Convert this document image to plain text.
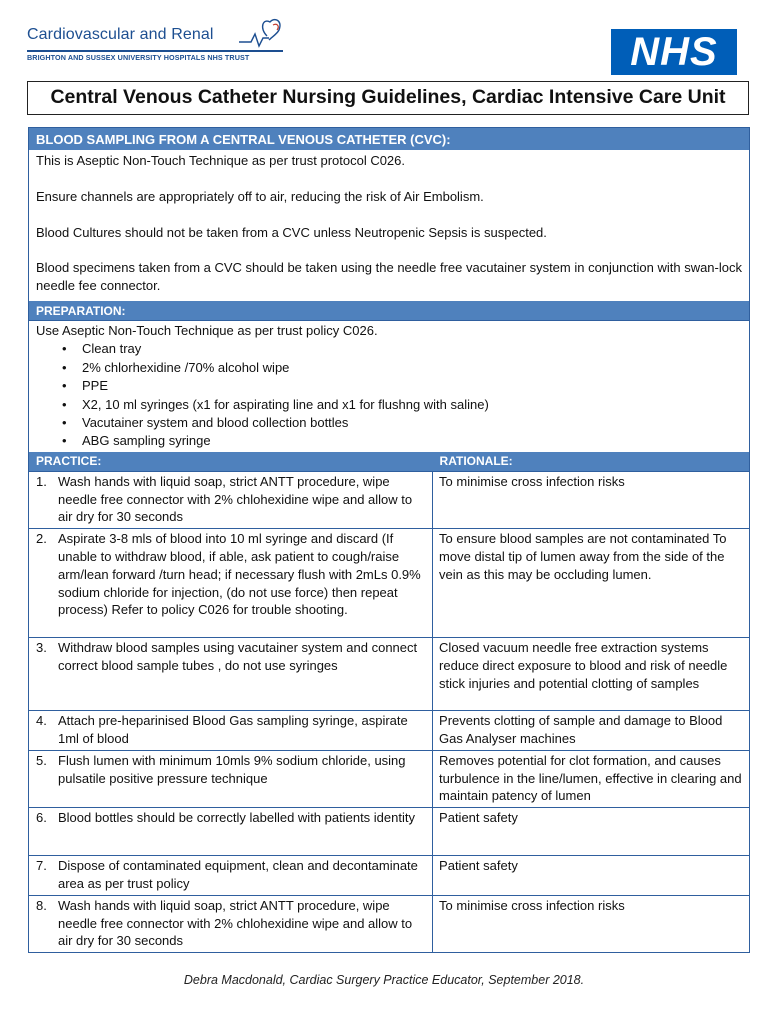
Cardiovascular and Renal
BRIGHTON AND SUSSEX UNIVERSITY HOSPITALS NHS TRUST	NHS
Central Venous Catheter Nursing Guidelines, Cardiac Intensive Care Unit
BLOOD SAMPLING FROM A CENTRAL VENOUS CATHETER (CVC):

This is Aseptic Non-Touch Technique as per trust protocol C026.

Ensure channels are appropriately off to air, reducing the risk of Air Embolism.

Blood Cultures should not be taken from a CVC unless Neutropenic Sepsis is suspected.

Blood specimens taken from a CVC should be taken using the needle free vacutainer system in conjunction with swan-lock needle fee connector.

PREPARATION:
Use Aseptic Non-Touch Technique as per trust policy C026.
• Clean tray
• 2% chlorhexidine /70% alcohol wipe
• PPE
• X2, 10 ml syringes (x1 for aspirating line and x1 for flushng with saline)
• Vacutainer system and blood collection bottles
• ABG sampling syringe
PRACTICE:	RATIONALE:
1. Wash hands with liquid soap, strict ANTT procedure, wipe needle free connector with 2% chlohexidine wipe and allow to air dry for 30 seconds	To minimise cross infection risks
2. Aspirate 3-8 mls of blood into 10 ml syringe and discard (If unable to withdraw blood, if able, ask patient to cough/raise arm/lean forward /turn head; if necessary flush with 2mLs 0.9% sodium chloride for injection, (do not use force) then repeat process) Refer to policy C026 for trouble shooting.	To ensure blood samples are not contaminated To move distal tip of lumen away from the side of the vein as this may be occluding lumen.
3. Withdraw blood samples using vacutainer system and connect correct blood sample tubes , do not use syringes	Closed vacuum needle free extraction systems reduce direct exposure to blood and risk of needle stick injuries and potential clotting of samples
4. Attach pre-heparinised Blood Gas sampling syringe, aspirate 1ml of blood	Prevents clotting of sample and damage to Blood Gas Analyser machines
5. Flush lumen with minimum 10mls 9% sodium chloride, using pulsatile positive pressure technique	Removes potential for clot formation, and causes turbulence in the line/lumen, effective in clearing and maintain patency of lumen
6. Blood bottles should be correctly labelled with patients identity	Patient safety
7. Dispose of contaminated equipment, clean and decontaminate area as per trust policy	Patient safety
8. Wash hands with liquid soap, strict ANTT procedure, wipe needle free connector with 2% chlohexidine wipe and allow to air dry for 30 seconds	To minimise cross infection risks
Debra Macdonald, Cardiac Surgery Practice Educator, September 2018.
